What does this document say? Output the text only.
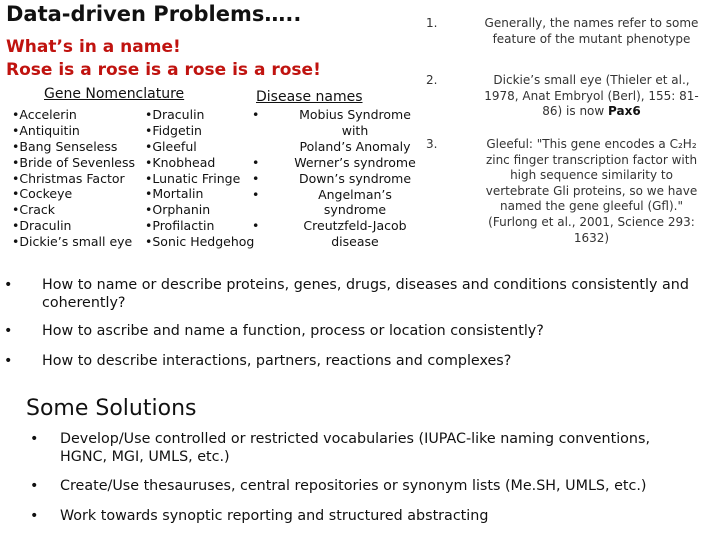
Data-driven Problems…..
What’s in a name!
Rose is a rose is a rose is a rose!
Gene Nomenclature
•Accelerin
•Antiquitin
•Bang Senseless
•Bride of Sevenless
•Christmas Factor
•Cockeye
•Crack
•Draculin
•Dickie’s small eye
•Draculin
•Fidgetin
•Gleeful
•Knobhead
•Lunatic Fringe
•Mortalin
•Orphanin
•Profilactin
•Sonic Hedgehog
Disease names
•	Mobius Syndrome with
Poland’s Anomaly
•	Werner’s syndrome
•	Down’s syndrome
•	Angelman’s syndrome
•	Creutzfeld-Jacob
disease
1.	Generally, the names refer to some feature of the mutant phenotype
2.	Dickie’s small eye (Thieler et al., 1978, Anat Embryol (Berl), 155: 81-86) is now Pax6
3.	Gleeful: "This gene encodes a C₂H₂ zinc finger transcription factor with high sequence similarity to vertebrate Gli proteins, so we have named the gene gleeful (Gfl)." (Furlong et al., 2001, Science 293: 1632)
•	How to name or describe proteins, genes, drugs, diseases and conditions consistently and coherently?
•	How to ascribe and name a function, process or location consistently?
•	How to describe interactions, partners, reactions and complexes?
Some Solutions
•	Develop/Use controlled or restricted vocabularies (IUPAC-like naming conventions, HGNC, MGI, UMLS, etc.)
•	Create/Use thesauruses, central repositories or synonym lists (Me.SH, UMLS, etc.)
•	Work towards synoptic reporting and structured abstracting
